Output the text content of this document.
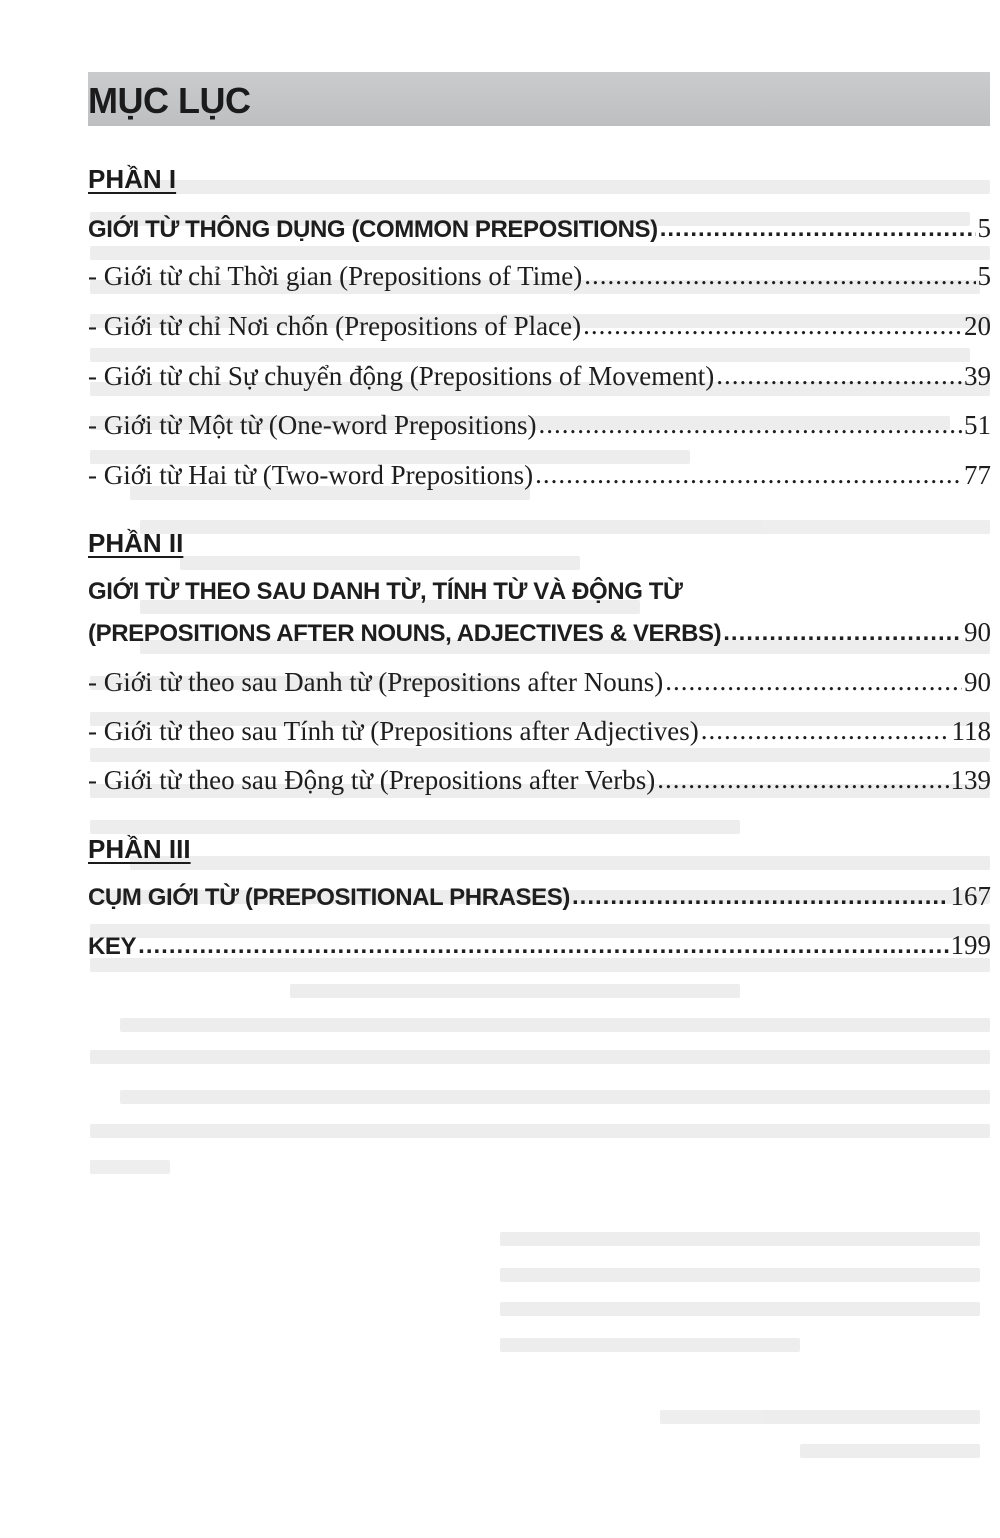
MỤC LỤC
PHẦN I
GIỚI TỪ THÔNG DỤNG (COMMON PREPOSITIONS) .....	5
- Giới từ chỉ Thời gian (Prepositions of Time) .....	5
- Giới từ chỉ Nơi chốn (Prepositions of Place) .....	20
- Giới từ chỉ Sự chuyển động (Prepositions of Movement) .....	39
- Giới từ Một từ (One-word Prepositions) .....	51
- Giới từ Hai từ (Two-word Prepositions) .....	77
PHẦN II
GIỚI TỪ THEO SAU DANH TỪ, TÍNH TỪ VÀ ĐỘNG TỪ
(PREPOSITIONS AFTER NOUNS, ADJECTIVES & VERBS) .....	90
- Giới từ theo sau Danh từ (Prepositions after Nouns) .....	90
- Giới từ theo sau Tính từ (Prepositions after Adjectives) .....	118
- Giới từ theo sau Động từ (Prepositions after Verbs) .....	139
PHẦN III
CỤM GIỚI TỪ (PREPOSITIONAL PHRASES) .....	167
KEY .....	199
